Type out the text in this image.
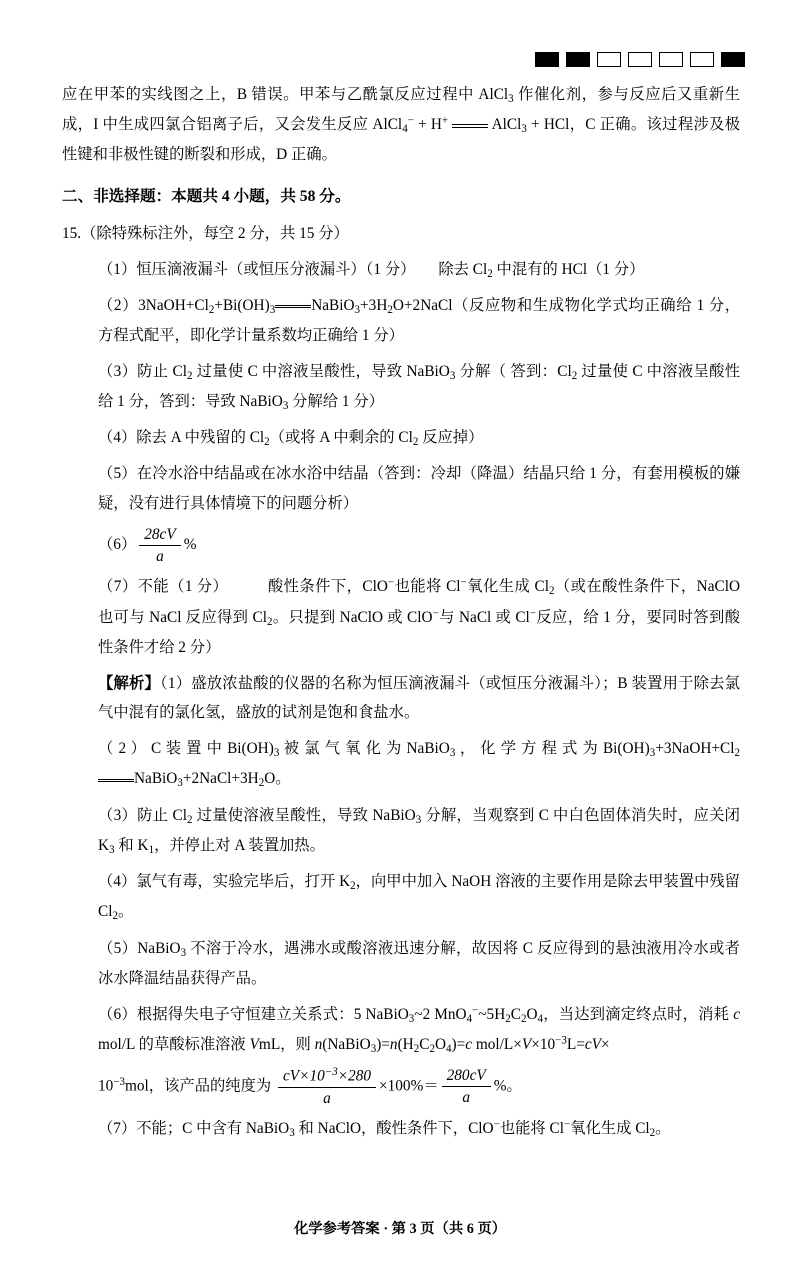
应在甲苯的实线图之上，B 错误。甲苯与乙酰氯反应过程中 AlCl$_3$ 作催化剂，参与反应后又重新生成，I 中生成四氯合铝离子后，又会发生反应 AlCl$_4$− + H+	AlCl$_3$ + HCl，C 正确。该过程涉及极性键和非极性键的断裂和形成，D 正确。

二、非选择题：本题共 4 小题，共 58 分。

15.（除特殊标注外，每空 2 分，共 15 分）

（1）恒压滴液漏斗（或恒压分液漏斗）（1 分）　　除去 $Cl_2$ 中混有的 HCl（1 分）

$(2)3NaOH+Cl_2+Bi(OH)_3$ $NaBiO_3+3H_2O+2NaCl$（反应物和生成物化学式均正确给 1 分，方程式配平，即化学计量系数均正确给 1 分）

（3）防止 $Cl_2$ 过量使 C 中溶液呈酸性，导致 NaBiO$_3$ 分解（ 答到：$Cl_2$ 过量使 C 中溶液呈酸性给 1 分，答到：导致 NaBiO$_3$ 分解给 1 分）

（4）除去 A 中残留的 $Cl_2$（或将 A 中剩余的 $Cl_2$ 反应掉）

（5）在冷水浴中结晶或在冰水浴中结晶（答到：冷却（降温）结晶只给 1 分，有套用模板的嫌疑，没有进行具体情境下的问题分析）

$(6) \frac{28cV}{a}$ %

（7）不能（1 分）　　　酸性条件下，ClO−也能将 Cl−氧化生成 $Cl_2$（或在酸性条件下，NaClO 也可与 NaCl 反应得到 $Cl_2$。只提到 NaClO 或 ClO−与 NaCl 或 Cl−反应，给 1 分，要同时答到酸性条件才给 2 分）

【解析】（1）盛放浓盐酸的仪器的名称为恒压滴液漏斗（或恒压分液漏斗）；B 装置用于除去氯气中混有的氯化氢，盛放的试剂是饱和食盐水。

（ 2 ） C 装 置 中 $Bi(OH)_3$ 被 氯 气 氧 化 为 NaBiO$_3$ ， 化 学 方 程 式 为 $Bi(OH)_3+3NaOH+Cl_2NaBiO_3+2NaCl+3H_2O$。

（3）防止 $Cl_2$ 过量使溶液呈酸性，导致 NaBiO$_3$ 分解，当观察到 C 中白色固体消失时，应关闭 $K_3$ 和 $K_1$，并停止对 A 装置加热。

（4）氯气有毒，实验完毕后，打开 $K_2$，向甲中加入 NaOH 溶液的主要作用是除去甲装置中残留 $Cl_2$。

（5）NaBiO$_3$ 不溶于冷水，遇沸水或酸溶液迅速分解，故因将 C 反应得到的悬浊液用冷水或者冰水降温结晶获得产品。

（6）根据得失电子守恒建立关系式：5 NaBiO$_3$~2 $MnO_4^-\sim 5H_2C_2O_4$，当达到滴定终点时，消耗 c mol/L 的草酸标准溶液 VmL，则 $n(NaBiO_3)=n(H_2C_2O_4)=c$ mol/$L\times V\times 10^{-3}L=cV\times$

$10^{-3}mol$，该产品的纯度为 $\frac{cV\times 10^{-3}\times 280}{a} \times 100\%= \frac{280cV}{a}$ %。

（7）不能；C 中含有 NaBiO$_3$ 和 NaClO，酸性条件下，ClO−也能将 Cl−氧化生成 $Cl_2$。

化学参考答案 · 第 3 页（共 6 页）
